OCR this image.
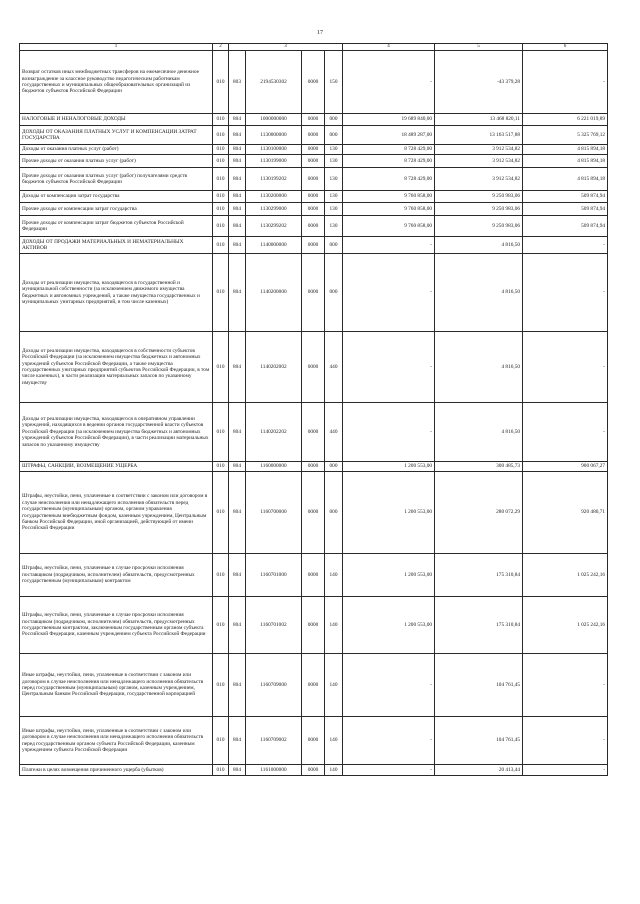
17
1	2	3				4	5	6
Возврат остатков иных межбюджетных трансферов на ежемесячное денежное вознаграждение за классное руководство педагогическим работникам государственных и муниципальных общеобразовательных организаций из бюджетов субъектов Российской Федерации	010	803	2194530302	0000	150	-	-43 379,28	-
НАЛОГОВЫЕ И НЕНАЛОГОВЫЕ ДОХОДЫ	010	804	1000000000	0000	000	19 689 840,00	13 468 820,11	6 221 019,89
ДОХОДЫ ОТ ОКАЗАНИЯ ПЛАТНЫХ УСЛУГ И КОМПЕНСАЦИИ ЗАТРАТ ГОСУДАРСТВА	010	804	1130000000	0000	000	18 489 287,00	13 163 517,88	5 325 769,12
Доходы от оказания платных услуг (работ)	010	804	1130100000	0000	130	8 728 429,00	3 912 534,82	4 815 894,18
Прочие доходы от оказания платных услуг (работ)	010	804	1130199000	0000	130	8 728 429,00	3 912 534,82	4 815 894,18
Прочие доходы от оказания платных услуг (работ) получателями средств бюджетов субъектов Российской Федерации	010	804	1130199202	0000	130	8 728 429,00	3 912 534,82	4 815 894,18
Доходы от компенсации затрат государства	010	804	1130200000	0000	130	9 760 858,00	9 250 983,06	509 874,94
Прочие доходы от компенсации затрат государства	010	804	1130299000	0000	130	9 760 858,00	9 250 983,06	509 874,94
Прочие доходы от компенсации затрат бюджетов субъектов Российской Федерации	010	804	1130299202	0000	130	9 760 858,00	9 250 983,06	509 874,94
ДОХОДЫ ОТ ПРОДАЖИ МАТЕРИАЛЬНЫХ И НЕМАТЕРИАЛЬНЫХ АКТИВОВ	010	804	1140000000	0000	000	-	4 816,50	-
Доходы от реализации имущества, находящегося в государственной и муниципальной собственности (за исключением движимого имущества бюджетных и автономных учреждений, а также имущества государственных и муниципальных унитарных предприятий, в том числе казенных)	010	804	1140200000	0000	000	-	4 816,50	-
Доходы от реализации имущества, находящегося в собственности субъектов Российской Федерации (за исключением имущества бюджетных и автономных учреждений субъектов Российской Федерации, а также имущества государственных унитарных предприятий субъектов Российской Федерации, в том числе казенных), в части реализации материальных запасов по указанному имуществу	010	804	1140202002	0000	440	-	4 816,50	-
Доходы от реализации имущества, находящегося в оперативном управлении учреждений, находящихся в ведении органов государственной власти субъектов Российской Федерации (за исключением имущества бюджетных и автономных учреждений субъектов Российской Федерации), в части реализации материальных запасов по указанному имуществу	010	804	1140202202	0000	440	-	4 816,50	-
ШТРАФЫ, САНКЦИИ, ВОЗМЕЩЕНИЕ УЩЕРБА	010	804	1160000000	0000	000	1 200 553,00	300 485,73	900 067,27
Штрафы, неустойки, пени, уплаченные в соответствии с законом или договором в случае неисполнения или ненадлежащего исполнения обязательств перед государственным (муниципальным) органом, органом управления государственным внебюджетным фондом, казенным учреждением, Центральным банком Российской Федерации, иной организацией, действующей от имени Российской Федерации	010	804	1160700000	0000	000	1 200 553,00	280 072,29	920 480,71
Штрафы, неустойки, пени, уплаченные в случае просрочки исполнения поставщиком (подрядчиком, исполнителем) обязательств, предусмотренных государственным (муниципальным) контрактом	010	804	1160701000	0000	140	1 200 553,00	175 310,84	1 025 242,16
Штрафы, неустойки, пени, уплаченные в случае просрочки исполнения поставщиком (подрядчиком, исполнителем) обязательств, предусмотренных государственным контрактом, заключенным государственным органом субъекта Российской Федерации, казенным учреждением субъекта Российской Федерации	010	804	1160701002	0000	140	1 200 553,00	175 310,84	1 025 242,16
Иные штрафы, неустойки, пени, уплаченные в соответствии с законом или договором в случае неисполнения или ненадлежащего исполнения обязательств перед государственным (муниципальным) органом, казенным учреждением, Центральным банком Российской Федерации, государственной корпорацией	010	804	1160709000	0000	140	-	104 761,45	-
Иные штрафы, неустойки, пени, уплаченные в соответствии с законом или договором в случае неисполнения или ненадлежащего исполнения обязательств перед государственным органом субъекта Российской Федерации, казенным учреждением субъекта Российской Федерации	010	804	1160709002	0000	140	-	104 761,45	-
Платежи в целях возмещения причиненного ущерба (убытков)	010	804	1161000000	0000	140	-	20 413,44	-
